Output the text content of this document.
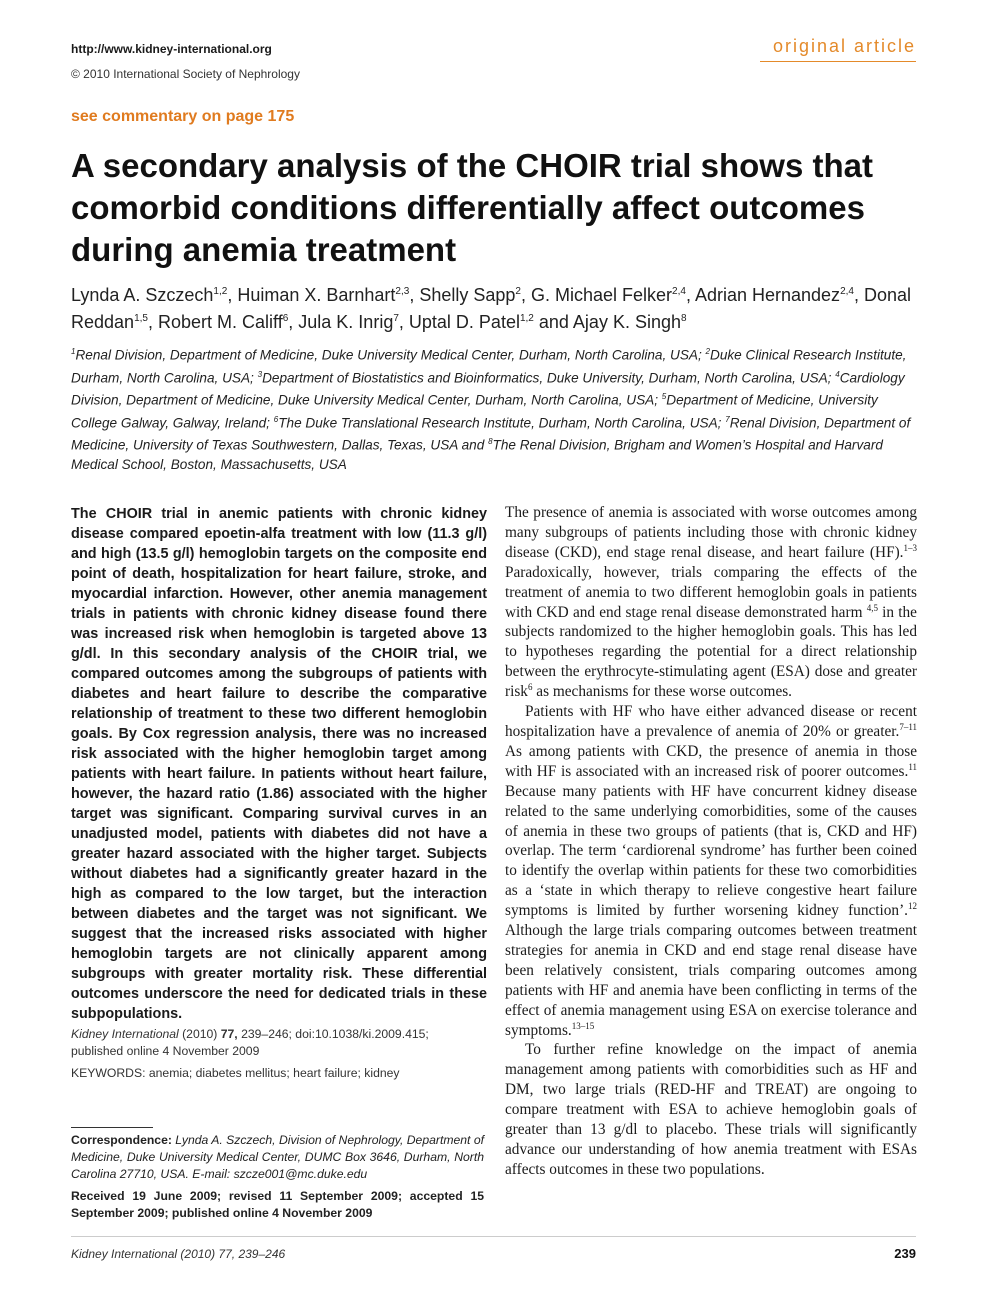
http://www.kidney-international.org
© 2010 International Society of Nephrology
original article
see commentary on page 175
A secondary analysis of the CHOIR trial shows that comorbid conditions differentially affect outcomes during anemia treatment
Lynda A. Szczech$^{1,2}$, Huiman X. Barnhart$^{2,3}$, Shelly Sapp$^2$, G. Michael Felker$^{2,4}$, Adrian Hernandez$^{2,4}$, Donal Reddan$^{1,5}$, Robert M. Califf$^6$, Jula K. Inrig$^7$, Uptal D. Patel$^{1,2}$ and Ajay K. Singh$^8$
$^1$Renal Division, Department of Medicine, Duke University Medical Center, Durham, North Carolina, USA; $^2$Duke Clinical Research Institute, Durham, North Carolina, USA; $^3$Department of Biostatistics and Bioinformatics, Duke University, Durham, North Carolina, USA; $^4$Cardiology Division, Department of Medicine, Duke University Medical Center, Durham, North Carolina, USA; $^5$Department of Medicine, University College Galway, Galway, Ireland; $^6$The Duke Translational Research Institute, Durham, North Carolina, USA; $^7$Renal Division, Department of Medicine, University of Texas Southwestern, Dallas, Texas, USA and $^8$The Renal Division, Brigham and Women’s Hospital and Harvard Medical School, Boston, Massachusetts, USA
The CHOIR trial in anemic patients with chronic kidney disease compared epoetin-alfa treatment with low (11.3 g/l) and high (13.5 g/l) hemoglobin targets on the composite end point of death, hospitalization for heart failure, stroke, and myocardial infarction. However, other anemia management trials in patients with chronic kidney disease found there was increased risk when hemoglobin is targeted above 13 g/dl. In this secondary analysis of the CHOIR trial, we compared outcomes among the subgroups of patients with diabetes and heart failure to describe the comparative relationship of treatment to these two different hemoglobin goals. By Cox regression analysis, there was no increased risk associated with the higher hemoglobin target among patients with heart failure. In patients without heart failure, however, the hazard ratio (1.86) associated with the higher target was significant. Comparing survival curves in an unadjusted model, patients with diabetes did not have a greater hazard associated with the higher target. Subjects without diabetes had a significantly greater hazard in the high as compared to the low target, but the interaction between diabetes and the target was not significant. We suggest that the increased risks associated with higher hemoglobin targets are not clinically apparent among subgroups with greater mortality risk. These differential outcomes underscore the need for dedicated trials in these subpopulations.
Kidney International (2010) 77, 239–246; doi:10.1038/ki.2009.415;
published online 4 November 2009
KEYWORDS: anemia; diabetes mellitus; heart failure; kidney
Correspondence: Lynda A. Szczech, Division of Nephrology, Department of Medicine, Duke University Medical Center, DUMC Box 3646, Durham, North Carolina 27710, USA. E-mail: szcze001@mc.duke.edu
Received 19 June 2009; revised 11 September 2009; accepted 15 September 2009; published online 4 November 2009

The presence of anemia is associated with worse outcomes among many subgroups of patients including those with chronic kidney disease (CKD), end stage renal disease, and heart failure (HF).$^{1-3}$ Paradoxically, however, trials comparing the effects of the treatment of anemia to two different hemoglobin goals in patients with CKD and end stage renal disease demonstrated harm $^{4,5}$ in the subjects randomized to the higher hemoglobin goals. This has led to hypotheses regarding the potential for a direct relationship between the erythrocyte-stimulating agent (ESA) dose and greater risk$^6$ as mechanisms for these worse outcomes.

Patients with HF who have either advanced disease or recent hospitalization have a prevalence of anemia of 20% or greater.$^{7-11}$ As among patients with CKD, the presence of anemia in those with HF is associated with an increased risk of poorer outcomes.$^{11}$ Because many patients with HF have concurrent kidney disease related to the same underlying comorbidities, some of the causes of anemia in these two groups of patients (that is, CKD and HF) overlap. The term ‘cardiorenal syndrome’ has further been coined to identify the overlap within patients for these two comorbidities as a ‘state in which therapy to relieve congestive heart failure symptoms is limited by further worsening kidney function’.$^{12}$ Although the large trials comparing outcomes between treatment strategies for anemia in CKD and end stage renal disease have been relatively consistent, trials comparing outcomes among patients with HF and anemia have been conflicting in terms of the effect of anemia management using ESA on exercise tolerance and symptoms.$^{13-15}$

To further refine knowledge on the impact of anemia management among patients with comorbidities such as HF and DM, two large trials (RED-HF and TREAT) are ongoing to compare treatment with ESA to achieve hemoglobin goals of greater than 13 g/dl to placebo. These trials will significantly advance our understanding of how anemia treatment with ESAs affects outcomes in these two populations.

Kidney International (2010) 77, 239–246	239
